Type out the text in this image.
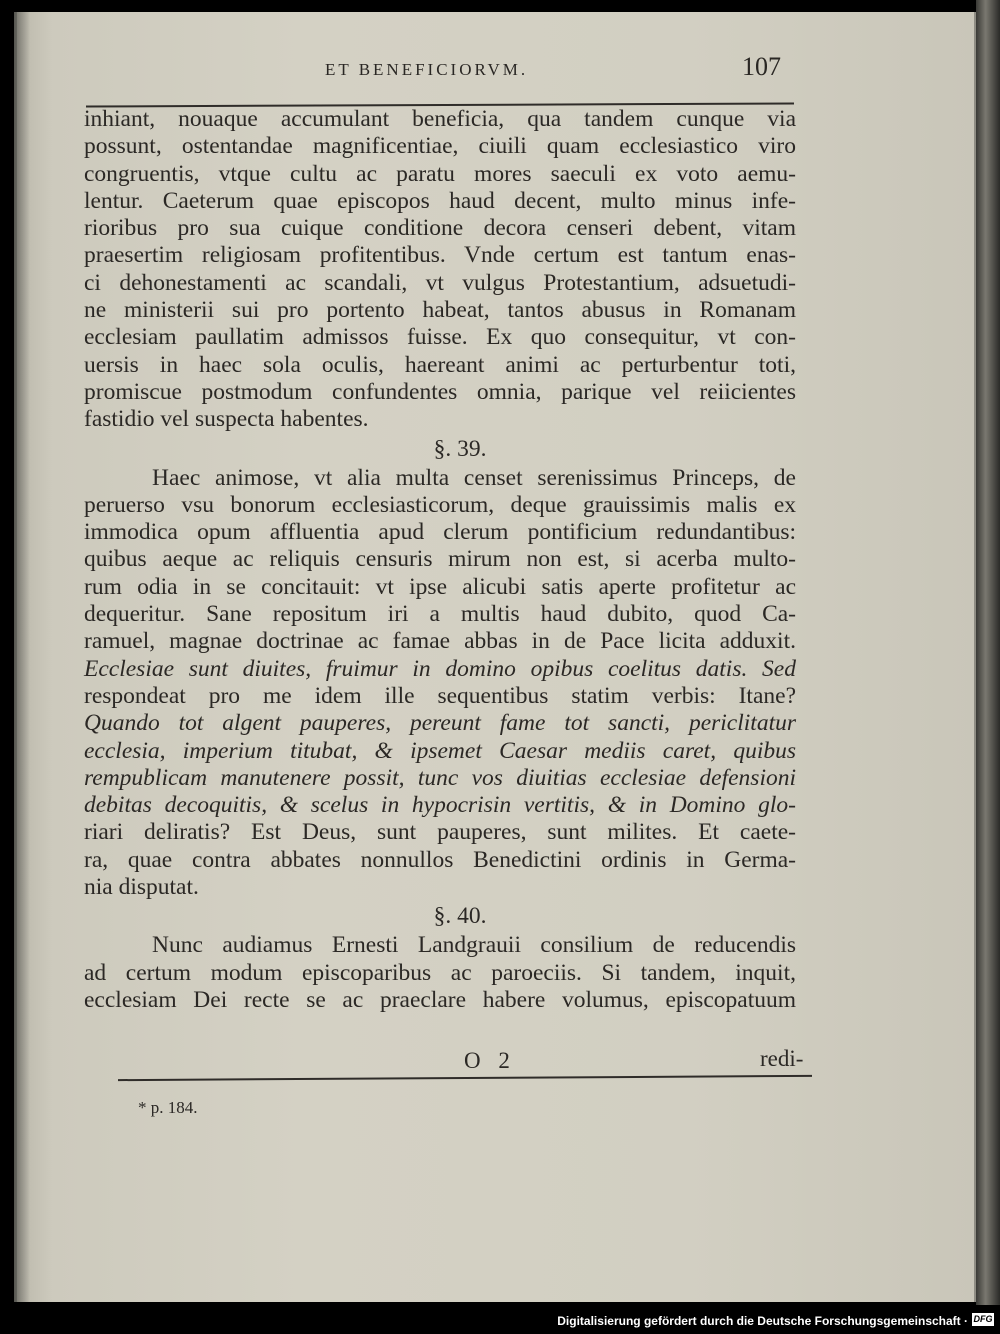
ET BENEFICIORVM.	107
inhiant, nouaque accumulant beneficia, qua tandem cunque via
possunt, ostentandae magnificentiae, ciuili quam ecclesiastico viro
congruentis, vtque cultu ac paratu mores saeculi ex voto aemu-
lentur. Caeterum quae episcopos haud decent, multo minus infe-
rioribus pro sua cuique conditione decora censeri debent, vitam
praesertim religiosam profitentibus. Vnde certum est tantum enas-
ci dehonestamenti ac scandali, vt vulgus Protestantium, adsuetudi-
ne ministerii sui pro portento habeat, tantos abusus in Romanam
ecclesiam paullatim admissos fuisse. Ex quo consequitur, vt con-
uersis in haec sola oculis, haereant animi ac perturbentur toti,
promiscue postmodum confundentes omnia, parique vel reiicientes
fastidio vel suspecta habentes.
§. 39.
Haec animose, vt alia multa censet serenissimus Princeps, de
peruerso vsu bonorum ecclesiasticorum, deque grauissimis malis ex
immodica opum affluentia apud clerum pontificium redundantibus:
quibus aeque ac reliquis censuris mirum non est, si acerba multo-
rum odia in se concitauit: vt ipse alicubi satis aperte profitetur ac
dequeritur. Sane repositum iri a multis haud dubito, quod Ca-
ramuel, magnae doctrinae ac famae abbas in de Pace licita adduxit.
Ecclesiae sunt diuites, fruimur in domino opibus coelitus datis. Sed
respondeat pro me idem ille sequentibus statim verbis: Itane?
Quando tot algent pauperes, pereunt fame tot sancti, periclitatur
ecclesia, imperium titubat, & ipsemet Caesar mediis caret, quibus
rempublicam manutenere possit, tunc vos diuitias ecclesiae defensioni
debitas decoquitis, & scelus in hypocrisin vertitis, & in Domino glo-
riari deliratis? Est Deus, sunt pauperes, sunt milites. Et caete-
ra, quae contra abbates nonnullos Benedictini ordinis in Germa-
nia disputat.
§. 40.
Nunc audiamus Ernesti Landgrauii consilium de reducendis
ad certum modum episcoparibus ac paroeciis. Si tandem, inquit,
ecclesiam Dei recte se ac praeclare habere volumus, episcopatuum
O 2	redi-
* p. 184.
Digitalisierung gefördert durch die Deutsche Forschungsgemeinschaft · DFG
